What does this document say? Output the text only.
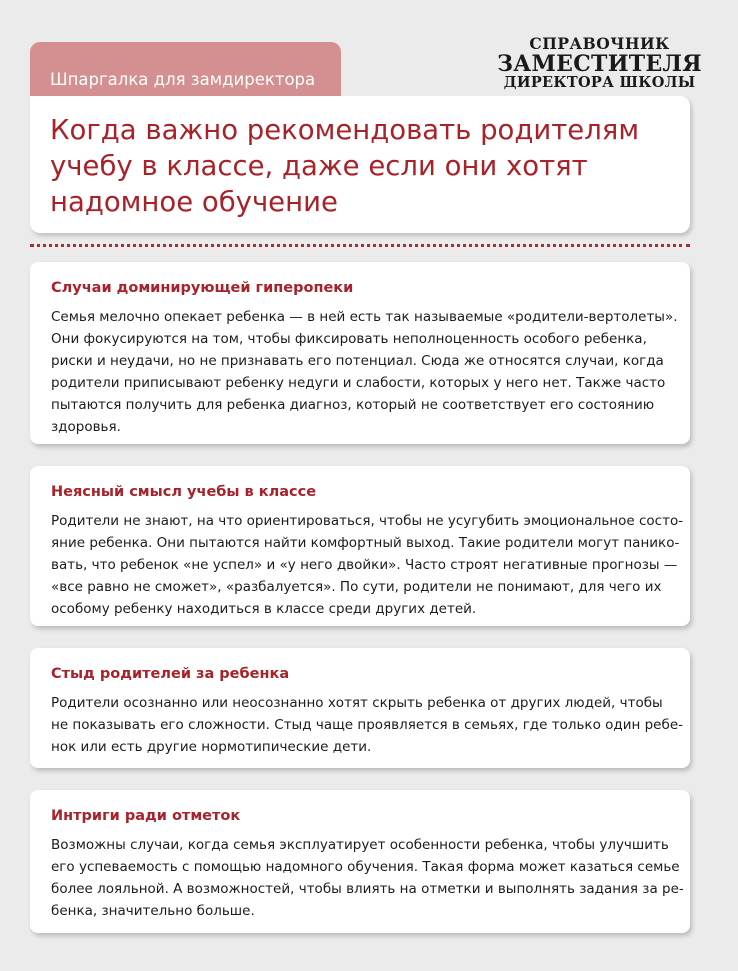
Шпаргалка для замдиректора
СПРАВОЧНИК
ЗАМЕСТИТЕЛЯ
ДИРЕКТОРА ШКОЛЫ
Когда важно рекомендовать родителям
учебу в классе, даже если они хотят
надомное обучение
Случаи доминирующей гиперопеки

Семья мелочно опекает ребенка — в ней есть так называемые «родители-вертолеты».
Они фокусируются на том, чтобы фиксировать неполноценность особого ребенка,
риски и неудачи, но не признавать его потенциал. Сюда же относятся случаи, когда
родители приписывают ребенку недуги и слабости, которых у него нет. Также часто
пытаются получить для ребенка диагноз, который не соответствует его состоянию
здоровья.

Неясный смысл учебы в классе

Родители не знают, на что ориентироваться, чтобы не усугубить эмоциональное состо-
яние ребенка. Они пытаются найти комфортный выход. Такие родители могут панико-
вать, что ребенок «не успел» и «у него двойки». Часто строят негативные прогнозы —
«все равно не сможет», «разбалуется». По сути, родители не понимают, для чего их
особому ребенку находиться в классе среди других детей.

Стыд родителей за ребенка

Родители осознанно или неосознанно хотят скрыть ребенка от других людей, чтобы
не показывать его сложности. Стыд чаще проявляется в семьях, где только один ребе-
нок или есть другие нормотипические дети.

Интриги ради отметок

Возможны случаи, когда семья эксплуатирует особенности ребенка, чтобы улучшить
его успеваемость с помощью надомного обучения. Такая форма может казаться семье
более лояльной. А возможностей, чтобы влиять на отметки и выполнять задания за ре-
бенка, значительно больше.
